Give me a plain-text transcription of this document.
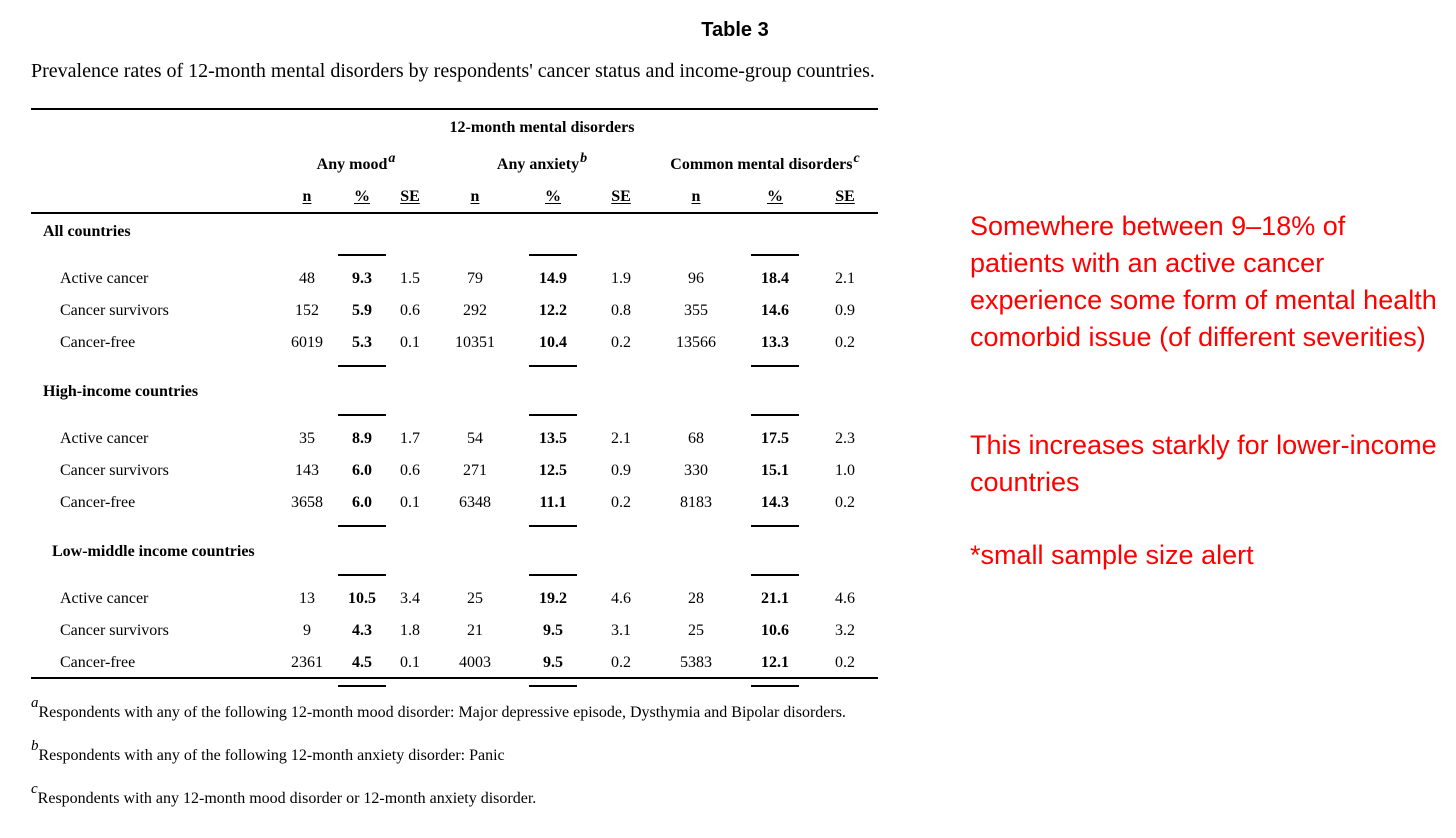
Table 3
Prevalence rates of 12-month mental disorders by respondents' cancer status and income-group countries.
12-month mental disorders
Any mooda	Any anxietyb	Common mental disordersc
n	% SE	n	%	SE	n	%	SE
All countries
Active cancer	48 9.3 1.5	79	14.9	1.9	96	18.4	2.1
Cancer survivors	152 5.9 0.6	292	12.2	0.8	355	14.6	0.9
Cancer-free	6019 5.3 0.1 10351	10.4	0.2	13566	13.3	0.2
High-income countries
Active cancer	35 8.9 1.7	54	13.5	2.1	68	17.5	2.3
Cancer survivors	143 6.0 0.6	271	12.5	0.9	330	15.1	1.0
Cancer-free	3658 6.0 0.1 6348	11.1	0.2	8183	14.3	0.2
Low-middle income countries
Active cancer	13 10.5 3.4	25	19.2	4.6	28	21.1	4.6
Cancer survivors	9	4.3 1.8	21	9.5	3.1	25	10.6	3.2
Cancer-free	2361 4.5 0.1 4003	9.5	0.2	5383	12.1	0.2
aRespondents with any of the following 12-month mood disorder: Major depressive episode, Dysthymia and Bipolar disorders.
bRespondents with any of the following 12-month anxiety disorder: Panic
cRespondents with any 12-month mood disorder or 12-month anxiety disorder.
Somewhere between 9–18% of patients with an active cancer experience some form of mental health comorbid issue (of different severities)
This increases starkly for lower-income countries
*small sample size alert
